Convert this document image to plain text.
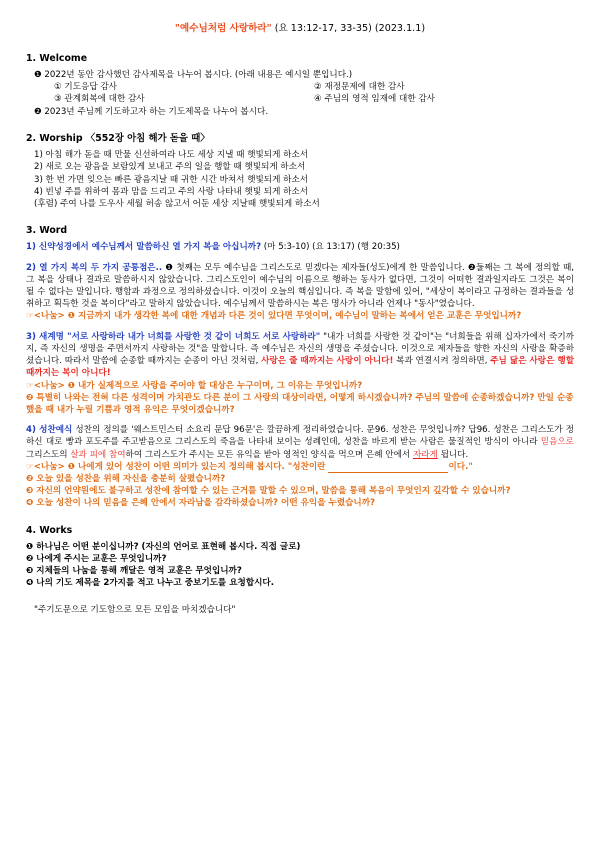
"예수님처럼 사랑하라" (요 13:12-17, 33-35) (2023.1.1)
1. Welcome

❶ 2022년 동안 감사했던 감사제목을 나누어 봅시다. (아래 내용은 예시일 뿐입니다.)

① 기도응답 감사	② 재정문제에 대한 감사
③ 관계회복에 대한 감사	④ 주님의 영적 임재에 대한 감사

❷ 2023년 주님께 기도하고자 하는 기도제목을 나누어 봅시다.

2. Worship 〈552장 아침 해가 돋을 때〉

1) 아침 해가 돋을 때 만물 신선하여라 나도 세상 지낼 때 햇빛되게 하소서

2) 새로 오는 광음을 보람있게 보내고 주의 일을 행할 때 햇빛되게 하소서

3) 한 번 가면 잊으는 빠른 광음지날 때 귀한 시간 바쳐서 햇빛되게 하소서

4) 빈넣 주를 위하여 몸과 맘을 드리고 주의 사랑 나타내 햇빛 되게 하소서

(후렴) 주여 나를 도우사 세월 허송 않고서 어둔 세상 지날때 햇빛되게 하소서

3. Word

1) 신약성경에서 예수님께서 말씀하신 열 가지 복을 아십니까? (마 5:3-10) (요 13:17) (행 20:35)

2) 열 가지 복의 두 가지 공통점은.. ❶ 첫째는 모두 예수님을 그리스도로 믿겠다는 제자들(성도)에게 한 말씀입니다. ❷둘째는 그 복에 정의할 때, 그 복을 상태나 결과로 말씀하시지 않았습니다. 그리스도인이 예수님의 이름으로 행하는 동사가 없다면, 그것이 어떠한 결과일지라도 그것은 복이 될 수 없다는 말입니다. 행함과 과정으로 정의하셨습니다. 이것이 오늘의 핵심입니다. 즉 복을 말함에 있어, "세상이 복이라고 규정하는 결과들을 성취하고 획득한 것을 복이다"라고 말하지 않았습니다. 예수님께서 말씀하시는 복은 명사가 아니라 언제나 "동사"였습니다.

☞<나눔> ❶ 지금까지 내가 생각한 복에 대한 개념과 다른 것이 있다면 무엇이며, 예수님이 말하는 복에서 얻은 교훈은 무엇입니까?

3) 새계명 "서로 사랑하라 내가 너희를 사랑한 것 같이 너희도 서로 사랑하라" "내가 너희를 사랑한 것 같이"는 "너희들을 위해 십자가에서 죽기까지, 즉 자신의 생명을 주면서까지 사랑하는 것"을 말합니다. 즉 예수님은 자신의 생명을 주셨습니다. 이것으로 제자들을 향한 자신의 사랑을 확증하셨습니다. 따라서 말씀에 순종할 때까지는 순종이 아닌 것처럼, 사랑은 줄 때까지는 사랑이 아니다! 복과 연결시켜 정의하면, 주님 닮은 사랑은 행할 때까지는 복이 아니다!

☞<나눔> ❶ 내가 실제적으로 사랑을 주어야 할 대상은 누구이며, 그 이유는 무엇입니까?

❷ 특별히 나와는 전혀 다른 성격이며 가치관도 다른 분이 그 사랑의 대상이라면, 어떻게 하시겠습니까? 주님의 말씀에 순종하겠습니까? 만일 순종했을 때 내가 누릴 기쁨과 영적 유익은 무엇이겠습니까?

4) 성찬예식 성찬의 정의를 '웨스트민스터 소요리 문답 96문'은 깔끔하게 정리하였습니다. 문96. 성찬은 무엇입니까? 답96. 성찬은 그리스도가 정하신 대로 빵과 포도주를 주고받음으로 그리스도의 죽음을 나타내 보이는 성례인데, 성찬을 바르게 받는 사람은 물질적인 방식이 아니라 믿음으로 그리스도의 살과 피에 참여하여 그리스도가 주시는 모든 유익을 받아 영적인 양식을 먹으며 은혜 안에서 자라게 됩니다.

☞<나눔> ❶ 나에게 있어 성찬이 어떤 의미가 있는지 정의해 봅시다. "성찬이란	이다."

❷ 오늘 있을 성찬을 위해 자신을 충분히 살폈습니까?

❸ 자신의 언약원에도 불구하고 성찬에 참여할 수 있는 근거를 말할 수 있으며, 말씀을 통해 복음이 무엇인지 깊각할 수 있습니까?

❹ 오늘 성찬이 나의 믿음을 은혜 안에서 자라남을 감각하셨습니까? 어떤 유익을 누렸습니까?

4. Works

❶ 하나님은 어떤 분이십니까? (자신의 언어로 표현해 봅시다. 직접 글로)

❷ 나에게 주시는 교훈은 무엇입니까?

❸ 지체들의 나눔을 통해 깨달은 영적 교훈은 무엇입니까?

❹ 나의 기도 제목을 2가지를 적고 나누고 중보기도를 요청합시다.

"주기도문으로 기도함으로 모든 모임을 마치겠습니다"
